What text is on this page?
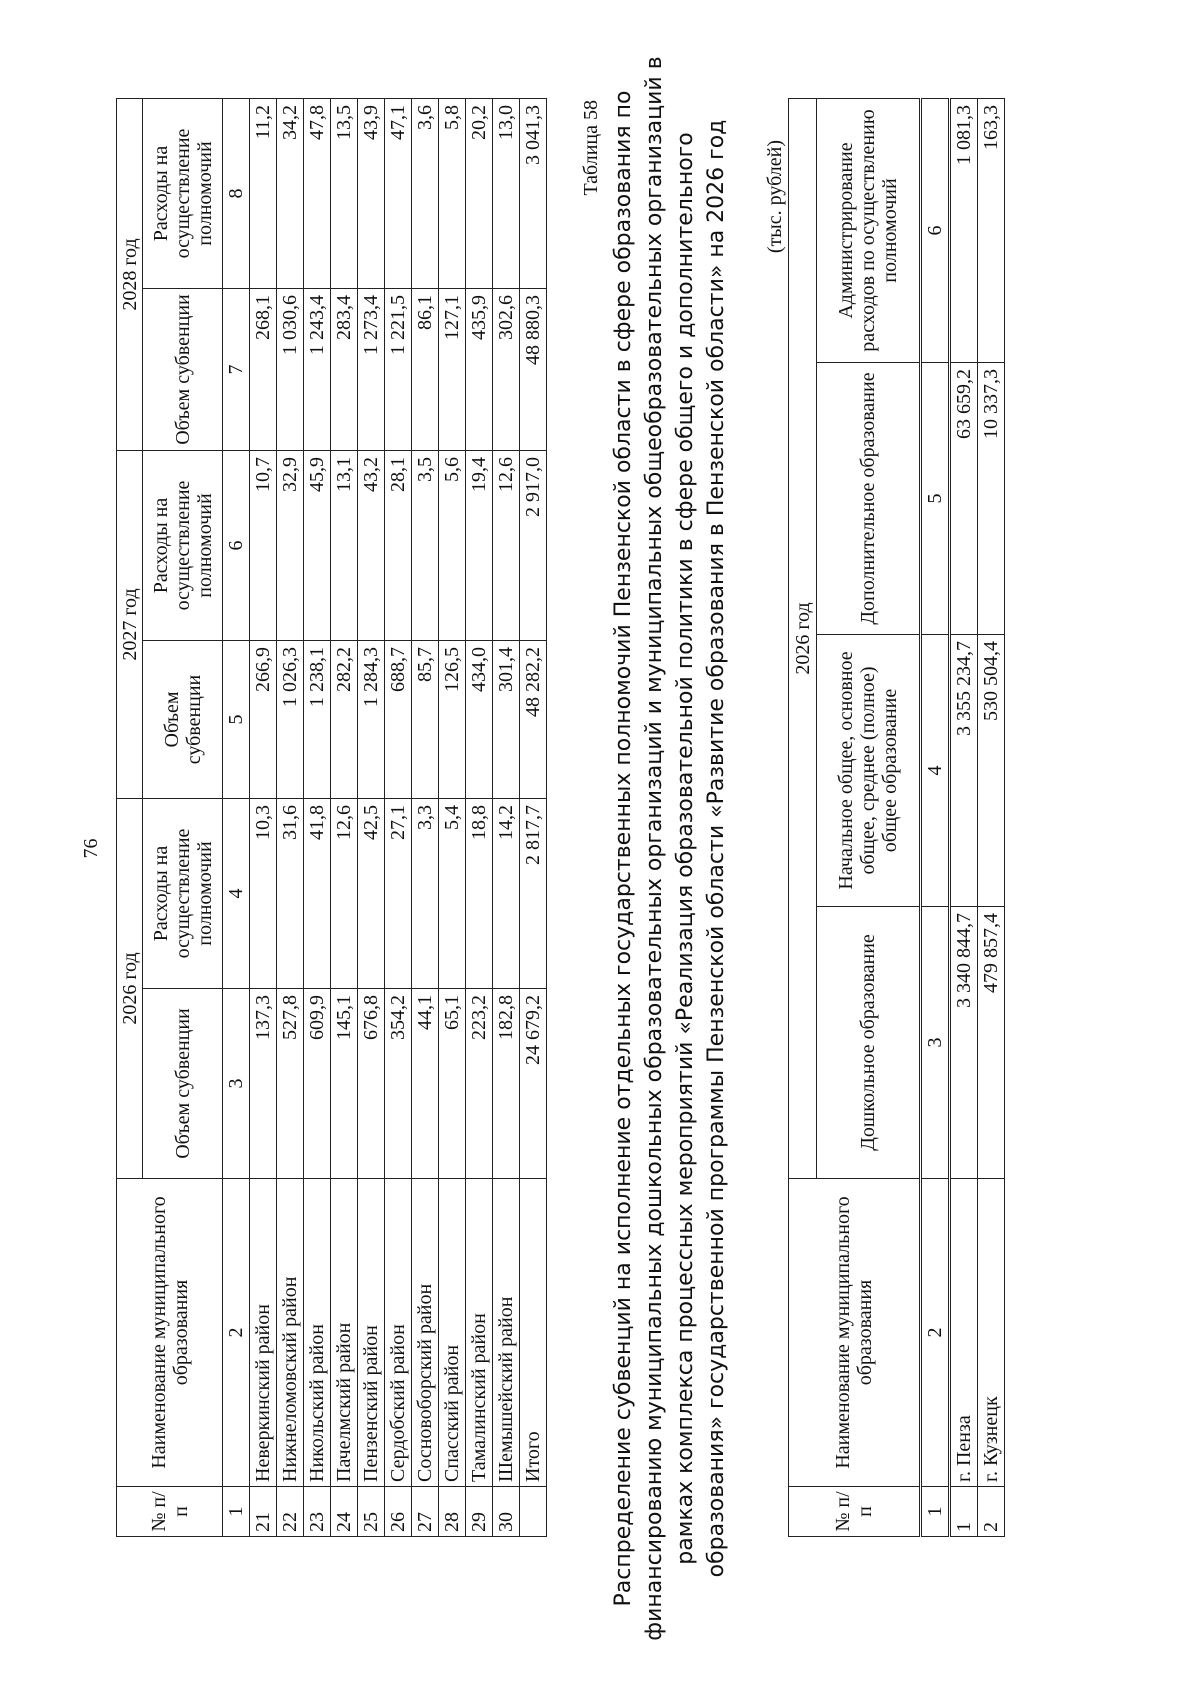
76
№ п/п	Наименование муниципального образования	2026 год		2027 год		2028 год	
		Объем субвенции	Расходы на осуществление полномочий	Объем субвенции	Расходы на осуществление полномочий	Объем субвенции	Расходы на осуществление полномочий
1	2	3	4	5	6	7	8
21	Неверкинский район	137,3	10,3	266,9	10,7	268,1	11,2
22	Нижнеломовский район	527,8	31,6	1 026,3	32,9	1 030,6	34,2
23	Никольский район	609,9	41,8	1 238,1	45,9	1 243,4	47,8
24	Пачелмский район	145,1	12,6	282,2	13,1	283,4	13,5
25	Пензенский район	676,8	42,5	1 284,3	43,2	1 273,4	43,9
26	Сердобский район	354,2	27,1	688,7	28,1	1 221,5	47,1
27	Сосновоборский район	44,1	3,3	85,7	3,5	86,1	3,6
28	Спасский район	65,1	5,4	126,5	5,6	127,1	5,8
29	Тамалинский район	223,2	18,8	434,0	19,4	435,9	20,2
30	Шемышейский район	182,8	14,2	301,4	12,6	302,6	13,0
	Итого	24 679,2	2 817,7	48 282,2	2 917,0	48 880,3	3 041,3 Таблица 58 Распределение субвенций на исполнение отдельных государственных полномочий Пензенской области в сфере образования по финансированию муниципальных дошкольных образовательных организаций и муниципальных общеобразовательных организаций в рамках комплекса процессных мероприятий «Реализация образовательной политики в сфере общего и дополнительного образования» государственной программы Пензенской области «Развитие образования в Пензенской области» на 2026 год (тыс. рублей)
№ п/п	Наименование муниципального образования	2026 год			
		Дошкольное образование	Начальное общее, основное общее, среднее (полное) общее образование	Дополнительное образование	Администрирование расходов по осуществлению полномочий
1	2	3	4	5	6
1	г. Пенза	3 340 844,7	3 355 234,7	63 659,2	1 081,3
2	г. Кузнецк	479 857,4	530 504,4	10 337,3	163,3
